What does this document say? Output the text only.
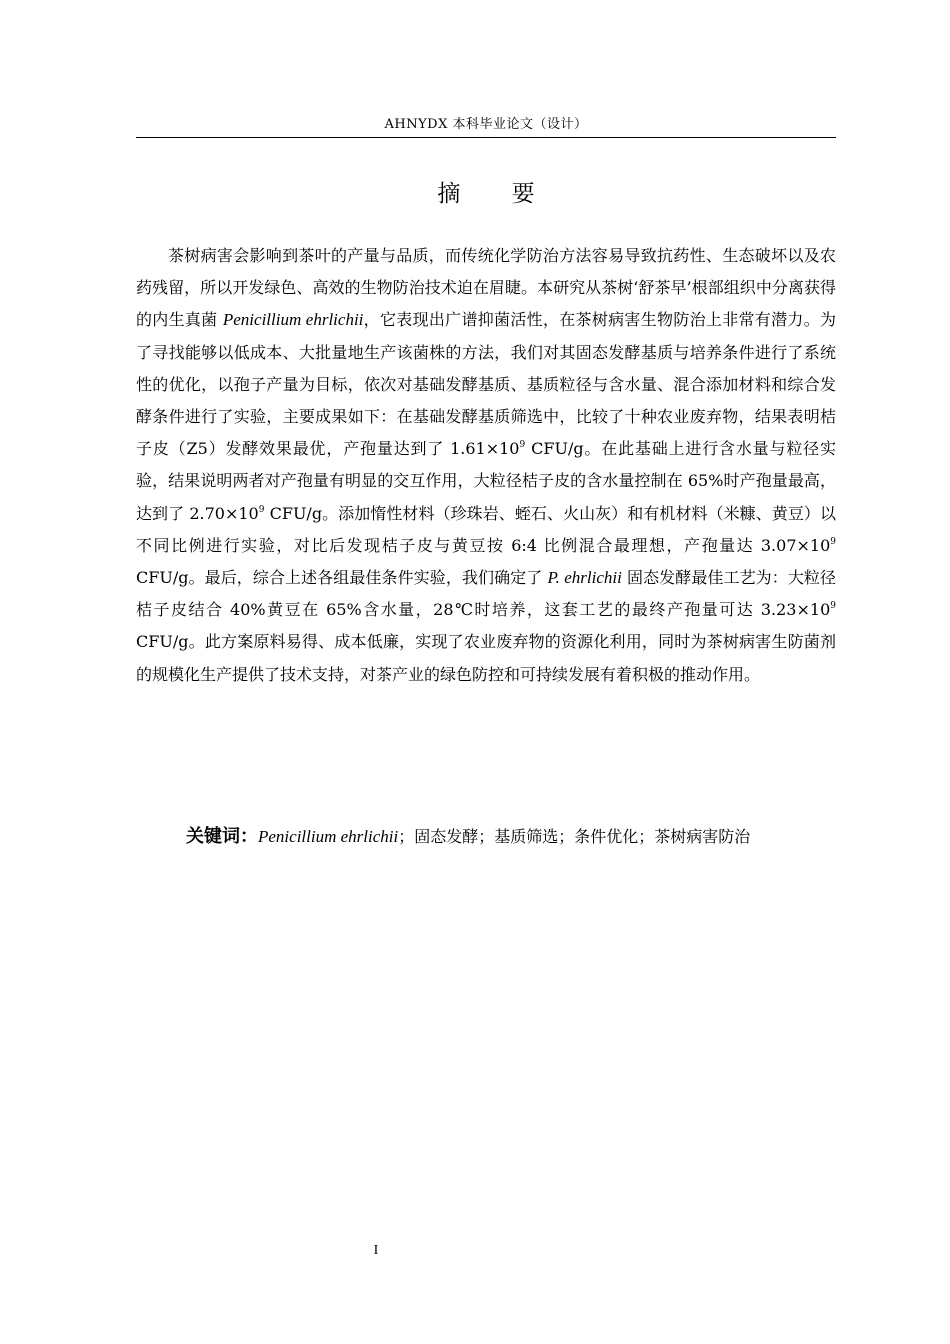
AHNYDX 本科毕业论文（设计）
摘 要

茶树病害会影响到茶叶的产量与品质，而传统化学防治方法容易导致抗药性、生态破坏以及农药残留，所以开发绿色、高效的生物防治技术迫在眉睫。本研究从茶树‘舒茶早’根部组织中分离获得的内生真菌 Penicillium ehrlichii，它表现出广谱抑菌活性，在茶树病害生物防治上非常有潜力。为了寻找能够以低成本、大批量地生产该菌株的方法，我们对其固态发酵基质与培养条件进行了系统性的优化，以孢子产量为目标，依次对基础发酵基质、基质粒径与含水量、混合添加材料和综合发酵条件进行了实验，主要成果如下：在基础发酵基质筛选中，比较了十种农业废弃物，结果表明桔子皮（Z5）发酵效果最优，产孢量达到了 $1.61\times 10^9$ CFU/g。在此基础上进行含水量与粒径实验，结果说明两者对产孢量有明显的交互作用，大粒径桔子皮的含水量控制在 65%时产孢量最高，达到了 $2.70\times 10^9$ CFU/g。添加惰性材料（珍珠岩、蛭石、火山灰）和有机材料（米糠、黄豆）以不同比例进行实验，对比后发现桔子皮与黄豆按 6:4 比例混合最理想，产孢量达 $3.07\times 10^9$ CFU/g。最后，综合上述各组最佳条件实验，我们确定了 P. ehrlichii 固态发酵最佳工艺为：大粒径桔子皮结合 40%黄豆在 65%含水量，28℃时培养，这套工艺的最终产孢量可达 $3.23\times 10^9$ CFU/g。此方案原料易得、成本低廉，实现了农业废弃物的资源化利用，同时为茶树病害生防菌剂的规模化生产提供了技术支持，对茶产业的绿色防控和可持续发展有着积极的推动作用。

关键词：Penicillium ehrlichii；固态发酵；基质筛选；条件优化；茶树病害防治

I
